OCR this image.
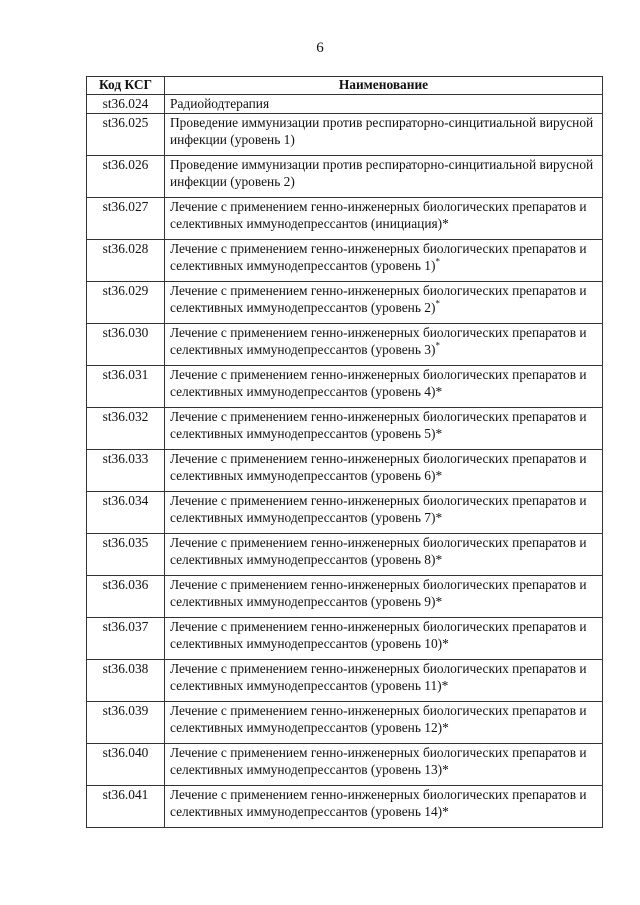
6
Код КСГ	Наименование
st36.024	Радиойодтерапия
st36.025	Проведение иммунизации против респираторно-синцитиальной вирусной инфекции (уровень 1)
st36.026	Проведение иммунизации против респираторно-синцитиальной вирусной инфекции (уровень 2)
st36.027	Лечение с применением генно-инженерных биологических препаратов и селективных иммунодепрессантов (инициация)*
st36.028	Лечение с применением генно-инженерных биологических препаратов и селективных иммунодепрессантов (уровень 1)*
st36.029	Лечение с применением генно-инженерных биологических препаратов и селективных иммунодепрессантов (уровень 2)*
st36.030	Лечение с применением генно-инженерных биологических препаратов и селективных иммунодепрессантов (уровень 3)*
st36.031	Лечение с применением генно-инженерных биологических препаратов и селективных иммунодепрессантов (уровень 4)*
st36.032	Лечение с применением генно-инженерных биологических препаратов и селективных иммунодепрессантов (уровень 5)*
st36.033	Лечение с применением генно-инженерных биологических препаратов и селективных иммунодепрессантов (уровень 6)*
st36.034	Лечение с применением генно-инженерных биологических препаратов и селективных иммунодепрессантов (уровень 7)*
st36.035	Лечение с применением генно-инженерных биологических препаратов и селективных иммунодепрессантов (уровень 8)*
st36.036	Лечение с применением генно-инженерных биологических препаратов и селективных иммунодепрессантов (уровень 9)*
st36.037	Лечение с применением генно-инженерных биологических препаратов и селективных иммунодепрессантов (уровень 10)*
st36.038	Лечение с применением генно-инженерных биологических препаратов и селективных иммунодепрессантов (уровень 11)*
st36.039	Лечение с применением генно-инженерных биологических препаратов и селективных иммунодепрессантов (уровень 12)*
st36.040	Лечение с применением генно-инженерных биологических препаратов и селективных иммунодепрессантов (уровень 13)*
st36.041	Лечение с применением генно-инженерных биологических препаратов и селективных иммунодепрессантов (уровень 14)*
